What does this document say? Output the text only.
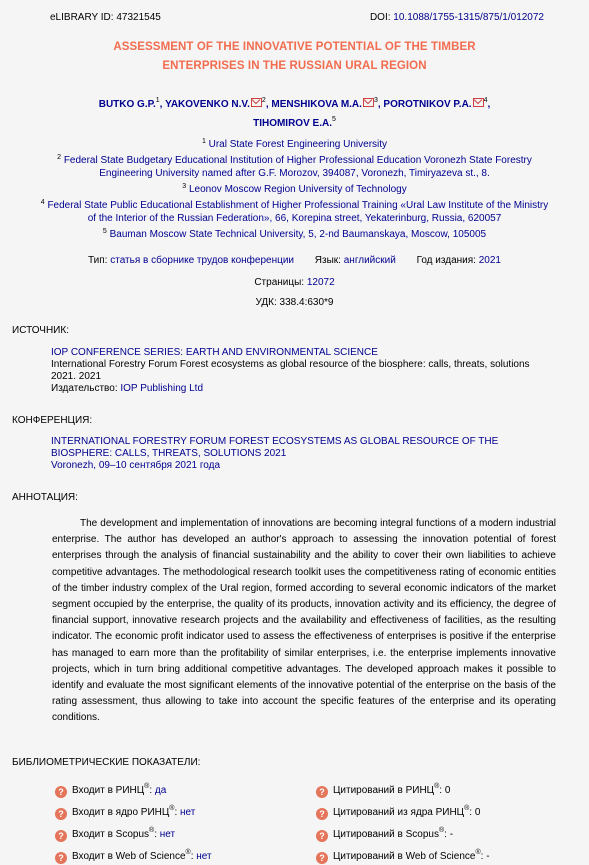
eLIBRARY ID: 47321545	DOI: 10.1088/1755-1315/875/1/012072
ASSESSMENT OF THE INNOVATIVE POTENTIAL OF THE TIMBER
ENTERPRISES IN THE RUSSIAN URAL REGION
BUTKO G.P.$^1$, YAKOVENKO N.V. $^2$, MENSHIKOVA M.A. $^3$, POROTNIKOV P.A. $^4$,
TIHOMIROV E.A.$^5$
$^1$ Ural State Forest Engineering University
$^2$ Federal State Budgetary Educational Institution of Higher Professional Education Voronezh State Forestry Engineering University named after G.F. Morozov, 394087, Voronezh, Timiryazeva st., 8.
$^3$ Leonov Moscow Region University of Technology
$^4$ Federal State Public Educational Establishment of Higher Professional Training «Ural Law Institute of the Ministry of the Interior of the Russian Federation», 66, Korepina street, Yekaterinburg, Russia, 620057
$^5$ Bauman Moscow State Technical University, 5, 2-nd Baumanskaya, Moscow, 105005
Тип: статья в сборнике трудов конференции Язык: английский Год издания: 2021
Страницы: 12072
УДК: 338.4:630*9
ИСТОЧНИК:
IOP CONFERENCE SERIES: EARTH AND ENVIRONMENTAL SCIENCE
International Forestry Forum Forest ecosystems as global resource of the biosphere: calls, threats, solutions 2021. 2021
Издательство: IOP Publishing Ltd
КОНФЕРЕНЦИЯ:
INTERNATIONAL FORESTRY FORUM FOREST ECOSYSTEMS AS GLOBAL RESOURCE OF THE BIOSPHERE: CALLS, THREATS, SOLUTIONS 2021
Voronezh, 09–10 сентября 2021 года
АННОТАЦИЯ:
The development and implementation of innovations are becoming integral functions of a modern industrial enterprise. The author has developed an author's approach to assessing the innovation potential of forest enterprises through the analysis of financial sustainability and the ability to cover their own liabilities to achieve competitive advantages. The methodological research toolkit uses the competitiveness rating of economic entities of the timber industry complex of the Ural region, formed according to several economic indicators of the market segment occupied by the enterprise, the quality of its products, innovation activity and its efficiency, the degree of financial support, innovative research projects and the availability and effectiveness of facilities, as the resulting indicator. The economic profit indicator used to assess the effectiveness of enterprises is positive if the enterprise has managed to earn more than the profitability of similar enterprises, i.e. the enterprise implements innovative projects, which in turn bring additional competitive advantages. The developed approach makes it possible to identify and evaluate the most significant elements of the innovative potential of the enterprise on the basis of the rating assessment, thus allowing to take into account the specific features of the enterprise and its operating conditions.
БИБЛИОМЕТРИЧЕСКИЕ ПОКАЗАТЕЛИ:
? Входит в РИНЦ®: да
? Входит в ядро РИНЦ®: нет
? Входит в Scopus®: нет
? Входит в Web of Science®: нет
? Цитирований в РИНЦ®: 0
? Цитирований из ядра РИНЦ®: 0
? Цитирований в Scopus®: -
? Цитирований в Web of Science®: -
